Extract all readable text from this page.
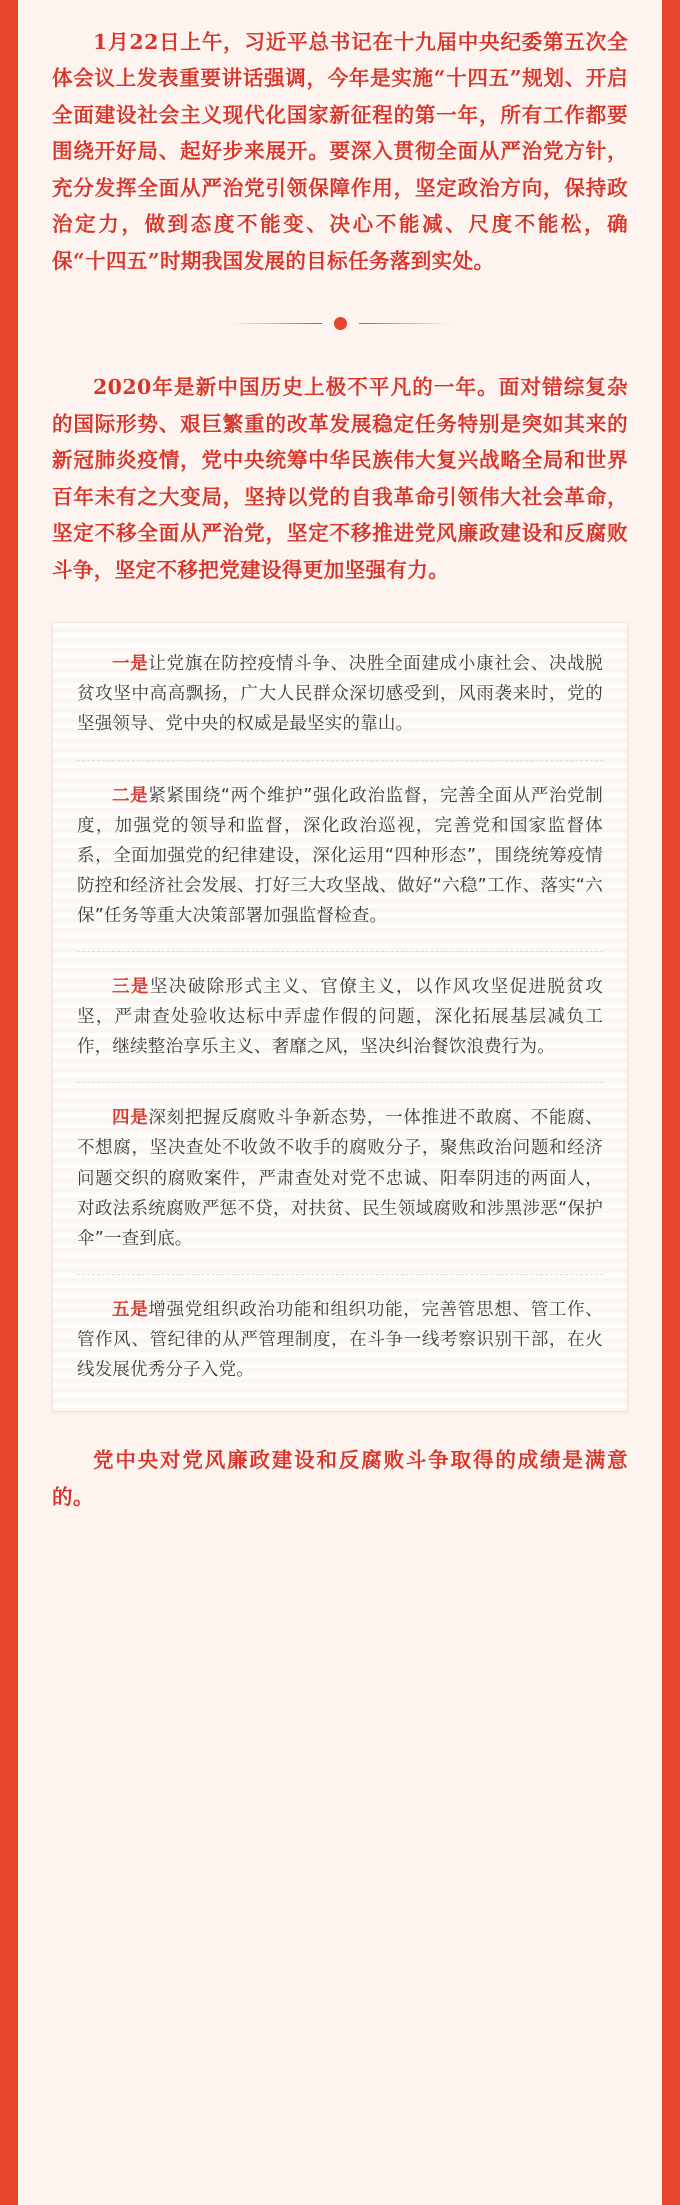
1月22日上午，习近平总书记在十九届中央纪委第五次全体会议上发表重要讲话强调，今年是实施“十四五”规划、开启全面建设社会主义现代化国家新征程的第一年，所有工作都要围绕开好局、起好步来展开。要深入贯彻全面从严治党方针，充分发挥全面从严治党引领保障作用，坚定政治方向，保持政治定力，做到态度不能变、决心不能减、尺度不能松，确保“十四五”时期我国发展的目标任务落到实处。

2020年是新中国历史上极不平凡的一年。面对错综复杂的国际形势、艰巨繁重的改革发展稳定任务特别是突如其来的新冠肺炎疫情，党中央统筹中华民族伟大复兴战略全局和世界百年未有之大变局，坚持以党的自我革命引领伟大社会革命，坚定不移全面从严治党，坚定不移推进党风廉政建设和反腐败斗争，坚定不移把党建设得更加坚强有力。

一是让党旗在防控疫情斗争、决胜全面建成小康社会、决战脱贫攻坚中高高飘扬，广大人民群众深切感受到，风雨袭来时，党的坚强领导、党中央的权威是最坚实的靠山。

二是紧紧围绕“两个维护”强化政治监督，完善全面从严治党制度，加强党的领导和监督，深化政治巡视，完善党和国家监督体系，全面加强党的纪律建设，深化运用“四种形态”，围绕统筹疫情防控和经济社会发展、打好三大攻坚战、做好“六稳”工作、落实“六保”任务等重大决策部署加强监督检查。

三是坚决破除形式主义、官僚主义，以作风攻坚促进脱贫攻坚，严肃查处验收达标中弄虚作假的问题，深化拓展基层减负工作，继续整治享乐主义、奢靡之风，坚决纠治餐饮浪费行为。

四是深刻把握反腐败斗争新态势，一体推进不敢腐、不能腐、不想腐，坚决查处不收敛不收手的腐败分子，聚焦政治问题和经济问题交织的腐败案件，严肃查处对党不忠诚、阳奉阴违的两面人，对政法系统腐败严惩不贷，对扶贫、民生领域腐败和涉黑涉恶“保护伞”一查到底。

五是增强党组织政治功能和组织功能，完善管思想、管工作、管作风、管纪律的从严管理制度，在斗争一线考察识别干部，在火线发展优秀分子入党。

党中央对党风廉政建设和反腐败斗争取得的成绩是满意的。
